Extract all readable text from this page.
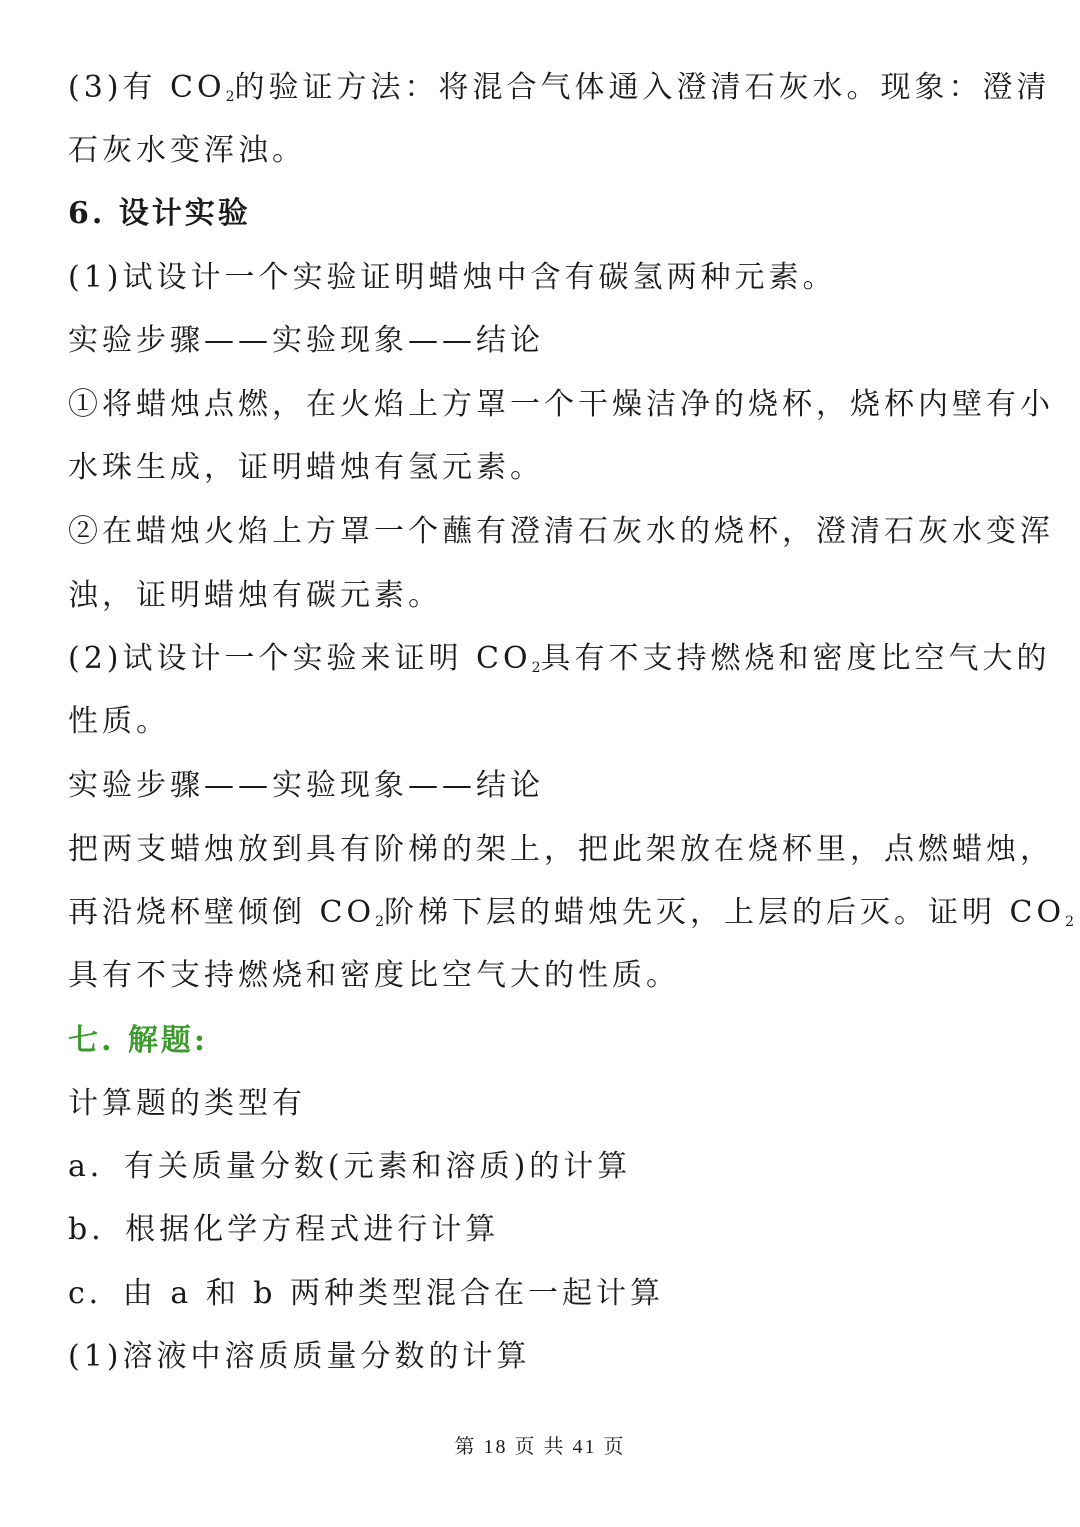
(3)有 $CO_2$的验证方法：将混合气体通入澄清石灰水。现象：澄清
石灰水变浑浊。
6. 设计实验
(1)试设计一个实验证明蜡烛中含有碳氢两种元素。
实验步骤——实验现象——结论
①将蜡烛点燃，在火焰上方罩一个干燥洁净的烧杯，烧杯内壁有小
水珠生成，证明蜡烛有氢元素。
②在蜡烛火焰上方罩一个蘸有澄清石灰水的烧杯，澄清石灰水变浑
浊，证明蜡烛有碳元素。
(2)试设计一个实验来证明 $CO_2$具有不支持燃烧和密度比空气大的
性质。
实验步骤——实验现象——结论
把两支蜡烛放到具有阶梯的架上，把此架放在烧杯里，点燃蜡烛，
再沿烧杯壁倾倒 $CO_2$阶梯下层的蜡烛先灭，上层的后灭。证明 $CO_2$
具有不支持燃烧和密度比空气大的性质。
七. 解题:
计算题的类型有
a．有关质量分数(元素和溶质)的计算
b．根据化学方程式进行计算
c．由 a 和 b 两种类型混合在一起计算
(1)溶液中溶质质量分数的计算
第 18 页 共 41 页
